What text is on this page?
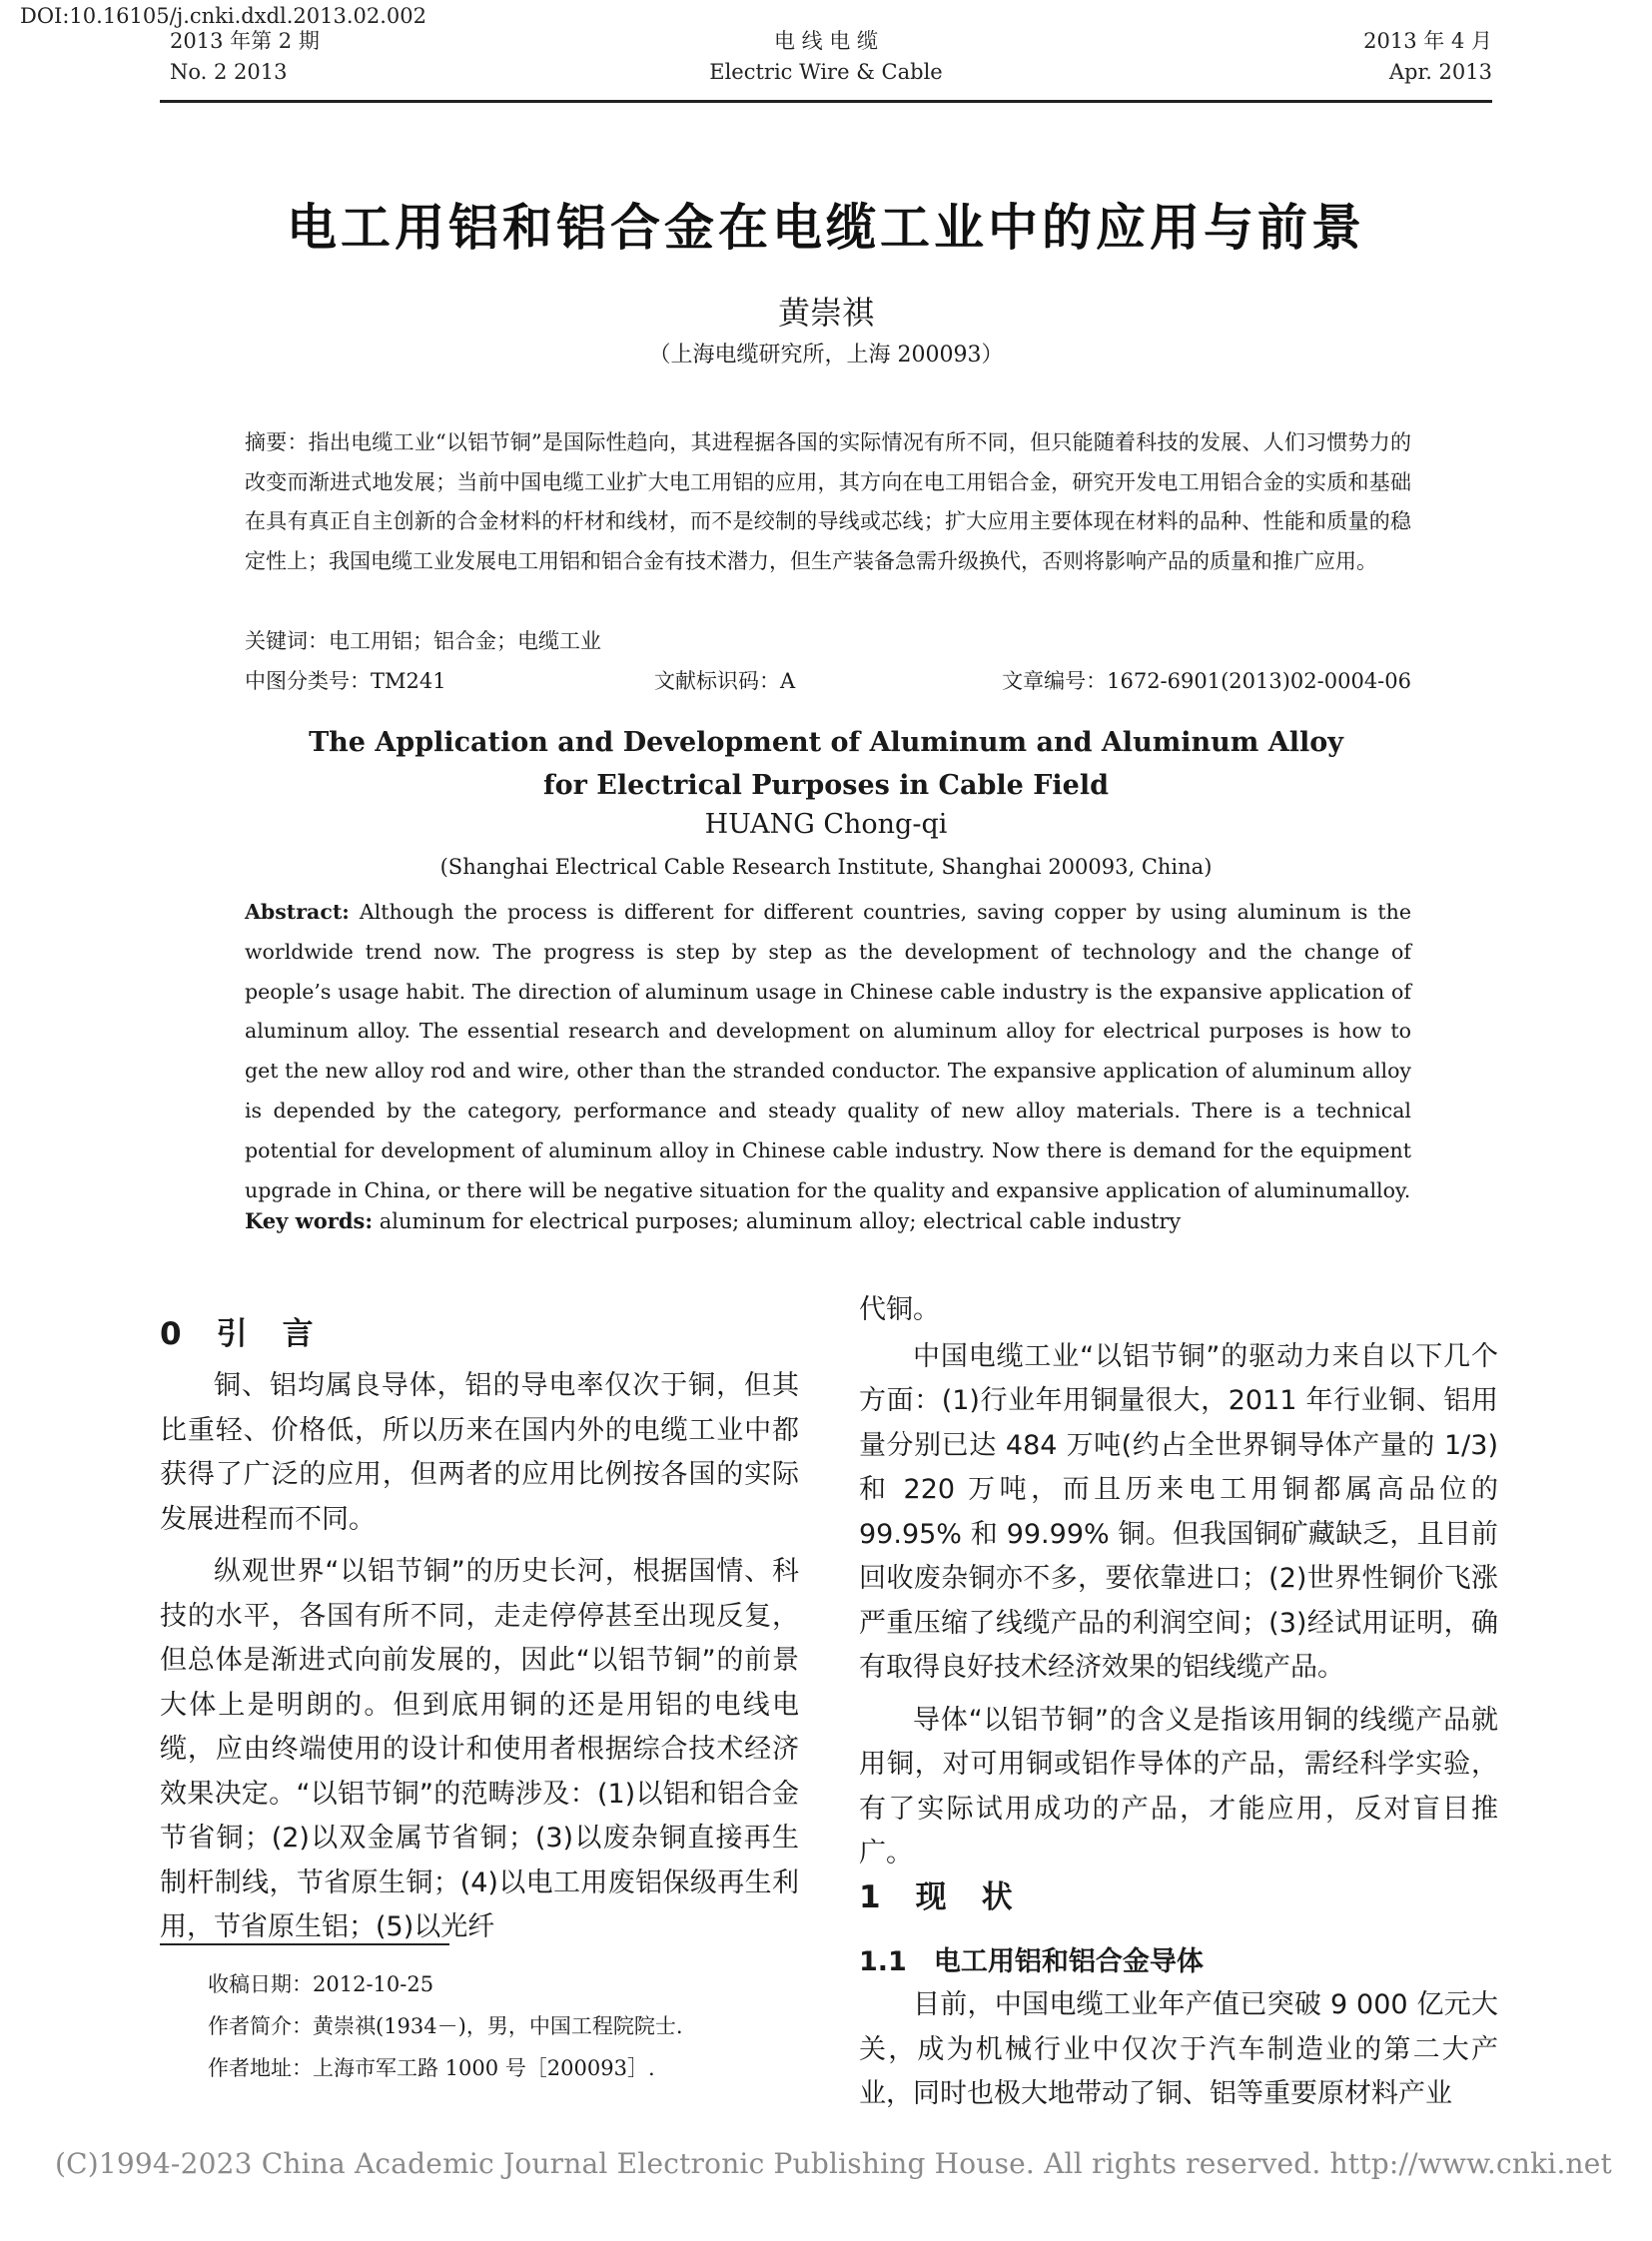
DOI:10.16105/j.cnki.dxdl.2013.02.002
2013 年第 2 期
No. 2 2013
电 线 电 缆
Electric Wire & Cable
2013 年 4 月
Apr. 2013
电工用铝和铝合金在电缆工业中的应用与前景
黄崇祺
（上海电缆研究所，上海 200093）

摘要：指出电缆工业“以铝节铜”是国际性趋向，其进程据各国的实际情况有所不同，但只能随着科技的发展、人们习惯势力的改变而渐进式地发展；当前中国电缆工业扩大电工用铝的应用，其方向在电工用铝合金，研究开发电工用铝合金的实质和基础在具有真正自主创新的合金材料的杆材和线材，而不是绞制的导线或芯线；扩大应用主要体现在材料的品种、性能和质量的稳定性上；我国电缆工业发展电工用铝和铝合金有技术潜力，但生产装备急需升级换代，否则将影响产品的质量和推广应用。

关键词：电工用铝；铝合金；电缆工业
中图分类号：TM241	文献标识码：A	文章编号：1672-6901(2013)02-0004-06
The Application and Development of Aluminum and Aluminum Alloy
for Electrical Purposes in Cable Field
HUANG Chong-qi
(Shanghai Electrical Cable Research Institute, Shanghai 200093, China)

Abstract: Although the process is different for different countries, saving copper by using aluminum is the worldwide trend now. The progress is step by step as the development of technology and the change of people’s usage habit. The direction of aluminum usage in Chinese cable industry is the expansive application of aluminum alloy. The essential research and development on aluminum alloy for electrical purposes is how to get the new alloy rod and wire, other than the stranded conductor. The expansive application of aluminum alloy is depended by the category, performance and steady quality of new alloy materials. There is a technical potential for development of aluminum alloy in Chinese cable industry. Now there is demand for the equipment upgrade in China, or there will be negative situation for the quality and expansive application of aluminumalloy.

Key words: aluminum for electrical purposes; aluminum alloy; electrical cable industry
0　引　言

铜、铝均属良导体，铝的导电率仅次于铜，但其比重轻、价格低，所以历来在国内外的电缆工业中都获得了广泛的应用，但两者的应用比例按各国的实际发展进程而不同。

纵观世界“以铝节铜”的历史长河，根据国情、科技的水平，各国有所不同，走走停停甚至出现反复，但总体是渐进式向前发展的，因此“以铝节铜”的前景大体上是明朗的。但到底用铜的还是用铝的电线电缆，应由终端使用的设计和使用者根据综合技术经济效果决定。“以铝节铜”的范畴涉及：(1)以铝和铝合金节省铜；(2)以双金属节省铜；(3)以废杂铜直接再生制杆制线，节省原生铜；(4)以电工用废铝保级再生利用，节省原生铝；(5)以光纤

代铜。

中国电缆工业“以铝节铜”的驱动力来自以下几个方面：(1)行业年用铜量很大，2011 年行业铜、铝用量分别已达 484 万吨(约占全世界铜导体产量的 1/3)和 220 万吨，而且历来电工用铜都属高品位的 99.95% 和 99.99% 铜。但我国铜矿藏缺乏，且目前回收废杂铜亦不多，要依靠进口；(2)世界性铜价飞涨严重压缩了线缆产品的利润空间；(3)经试用证明，确有取得良好技术经济效果的铝线缆产品。

导体“以铝节铜”的含义是指该用铜的线缆产品就用铜，对可用铜或铝作导体的产品，需经科学实验，有了实际试用成功的产品，才能应用，反对盲目推广。

1　现　状
1.1　电工用铝和铝合金导体

目前，中国电缆工业年产值已突破 9 000 亿元大关，成为机械行业中仅次于汽车制造业的第二大产业，同时也极大地带动了铜、铝等重要原材料产业

收稿日期：2012-10-25

作者简介：黄崇祺(1934－)，男，中国工程院院士.

作者地址：上海市军工路 1000 号［200093］.

(C)1994-2023 China Academic Journal Electronic Publishing House. All rights reserved. http://www.cnki.net
